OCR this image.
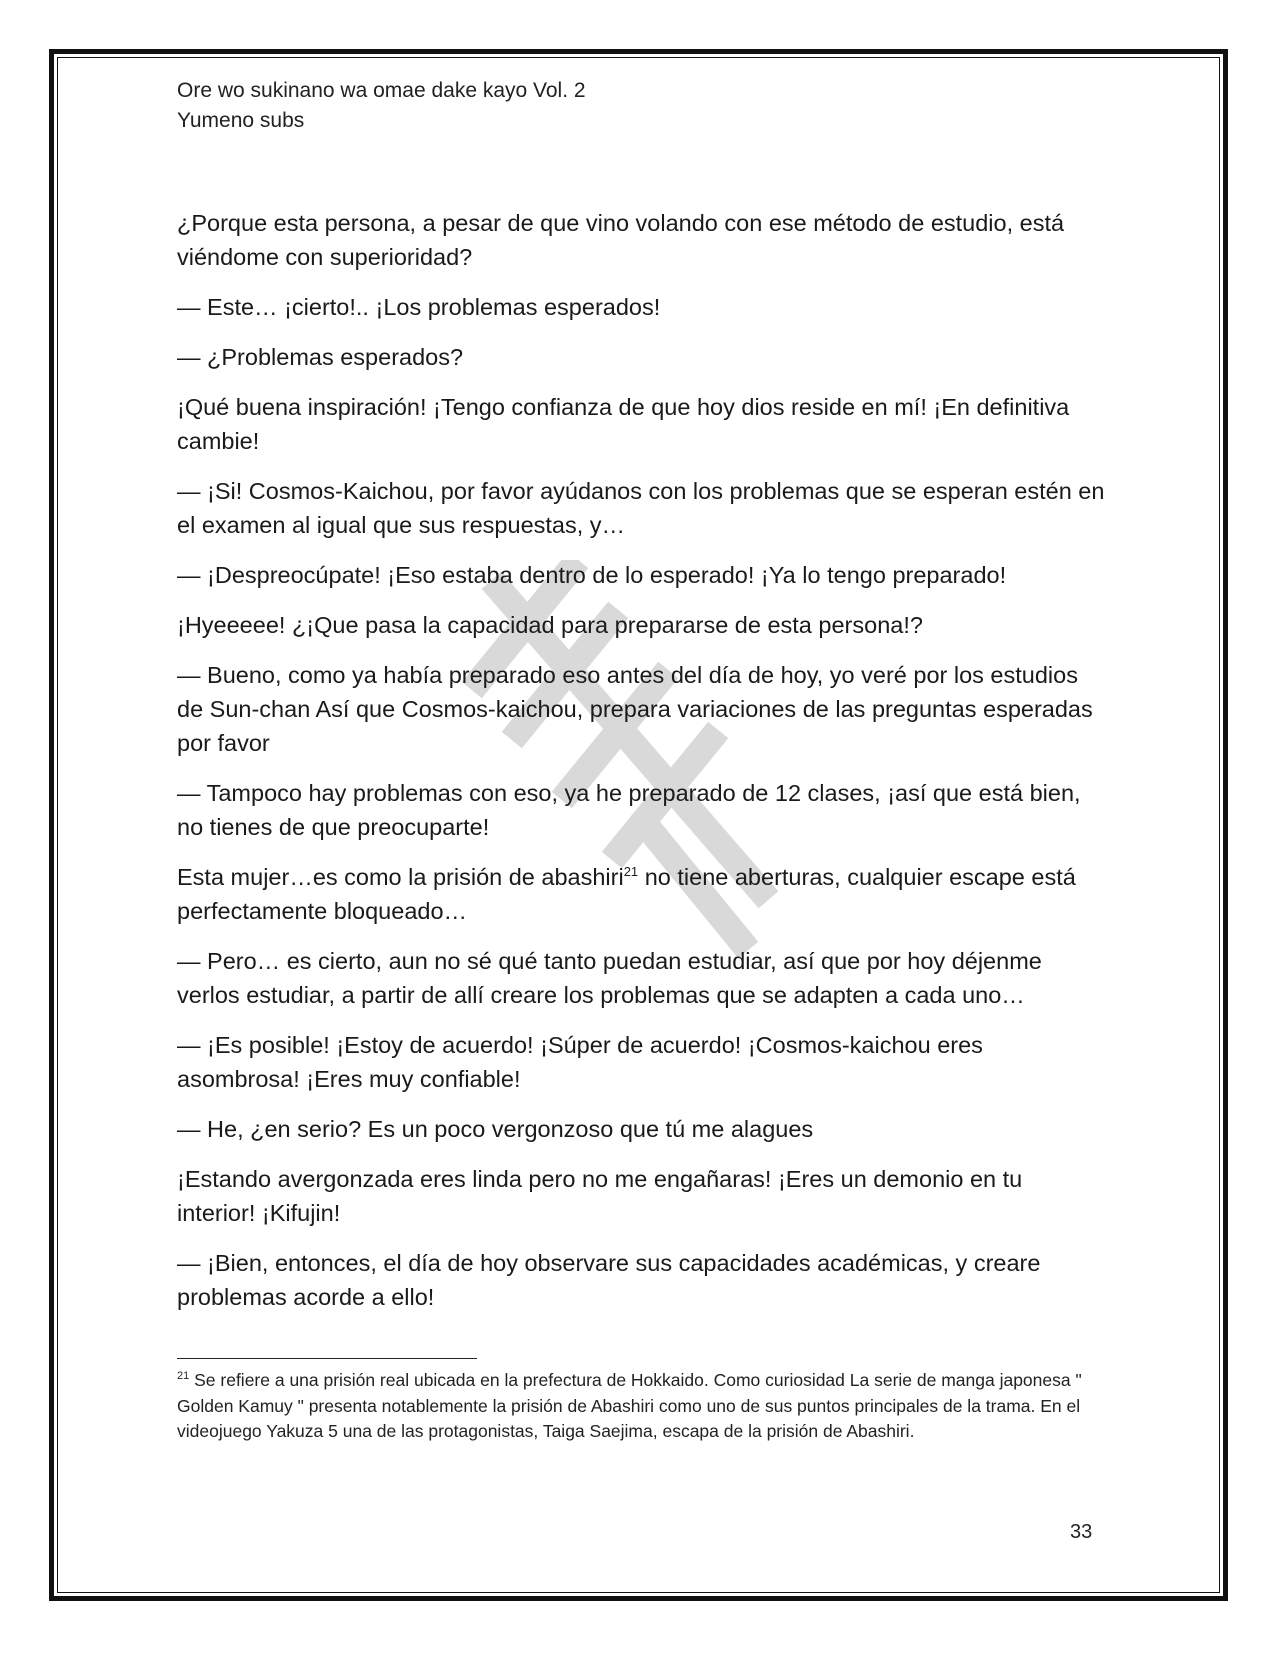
Ore wo sukinano wa omae dake kayo Vol. 2
Yumeno subs

¿Porque esta persona, a pesar de que vino volando con ese método de estudio, está viéndome con superioridad?

— Este… ¡cierto!.. ¡Los problemas esperados!

— ¿Problemas esperados?

¡Qué buena inspiración! ¡Tengo confianza de que hoy dios reside en mí! ¡En definitiva cambie!

— ¡Si! Cosmos-Kaichou, por favor ayúdanos con los problemas que se esperan estén en el examen al igual que sus respuestas, y…

— ¡Despreocúpate! ¡Eso estaba dentro de lo esperado! ¡Ya lo tengo preparado!

¡Hyeeeee! ¿¡Que pasa la capacidad para prepararse de esta persona!?

— Bueno, como ya había preparado eso antes del día de hoy, yo veré por los estudios de Sun-chan Así que Cosmos-kaichou, prepara variaciones de las preguntas esperadas por favor

— Tampoco hay problemas con eso, ya he preparado de 12 clases, ¡así que está bien, no tienes de que preocuparte!

Esta mujer…es como la prisión de abashiri$^{21}$ no tiene aberturas, cualquier escape está perfectamente bloqueado…

— Pero… es cierto, aun no sé qué tanto puedan estudiar, así que por hoy déjenme verlos estudiar, a partir de allí creare los problemas que se adapten a cada uno…

— ¡Es posible! ¡Estoy de acuerdo! ¡Súper de acuerdo! ¡Cosmos-kaichou eres asombrosa! ¡Eres muy confiable!

— He, ¿en serio? Es un poco vergonzoso que tú me alagues

¡Estando avergonzada eres linda pero no me engañaras! ¡Eres un demonio en tu interior! ¡Kifujin!

— ¡Bien, entonces, el día de hoy observare sus capacidades académicas, y creare problemas acorde a ello!

$^{21}$ Se refiere a una prisión real ubicada en la prefectura de Hokkaido. Como curiosidad La serie de manga japonesa " Golden Kamuy " presenta notablemente la prisión de Abashiri como uno de sus puntos principales de la trama. En el videojuego Yakuza 5 una de las protagonistas, Taiga Saejima, escapa de la prisión de Abashiri.
33
